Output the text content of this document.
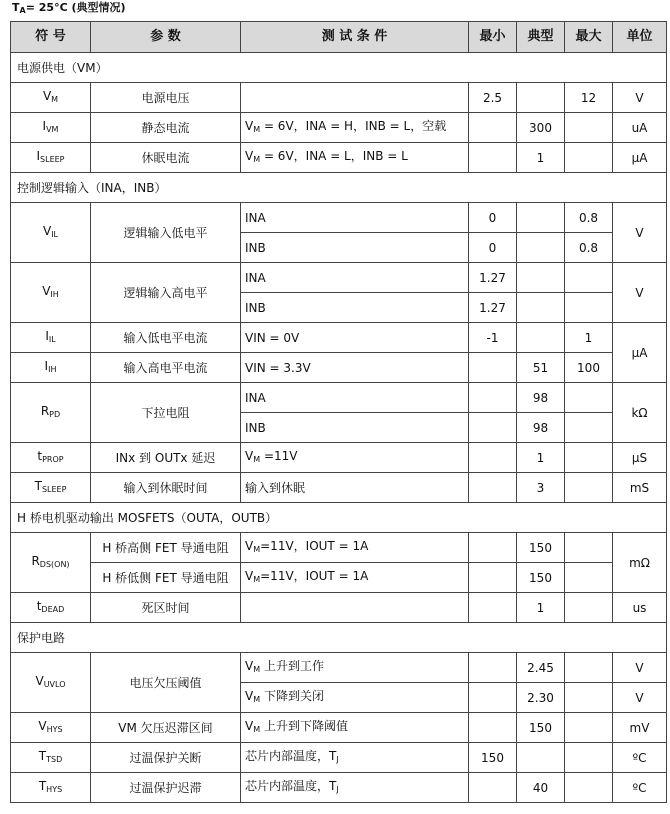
$T_A= 25^\circ C$ (典型情况)
符 号	参 数	测 试 条 件	最小	典型	最大	单位
电源供电（VM）						
$V_M$	电源电压		2.5		12	V
$I_{VM}$	静态电流	$V_M = 6V$，INA = H，INB = L，空载		300		uA
$I_{SLEEP}$	休眠电流	$V_M = 6V$，INA = L，INB = L		1		μA
控制逻辑输入（INA，INB）						
$V_{IL}$	逻辑输入低电平	INA	0		0.8	V
		INB	0		0.8	
$V_{IH}$	逻辑输入高电平	INA	1.27			V
		INB	1.27			
$I_{IL}$	输入低电平电流	VIN = 0V	-1		1	μA
$I_{IH}$	输入高电平电流	VIN = 3.3V		51	100	
$R_{PD}$	下拉电阻	INA		98		kΩ
		INB		98		
$t_{PROP}$	INx 到 OUTx 延迟	$V_M =11V$		1		μS
$T_{SLEEP}$	输入到休眠时间	输入到休眠		3		mS
H 桥电机驱动输出 MOSFETS（OUTA，OUTB）						
$R_{DS(ON)}$	H 桥高侧 FET 导通电阻	$V_M=11V$，IOUT = 1A		150		mΩ
	H 桥低侧 FET 导通电阻	$V_M=11V$，IOUT = 1A		150		
$t_{DEAD}$	死区时间			1		us
保护电路						
$V_{UVLO}$	电压欠压阈值	$V_M$ 上升到工作		2.45		V
		$V_M$ 下降到关闭		2.30		V
$V_{HYS}$	VM 欠压迟滞区间	$V_M$ 上升到下降阈值		150		mV
$T_{TSD}$	过温保护关断	芯片内部温度，$T_J$	150			ºC
$T_{HYS}$	过温保护迟滞	芯片内部温度，$T_J$		40		ºC
